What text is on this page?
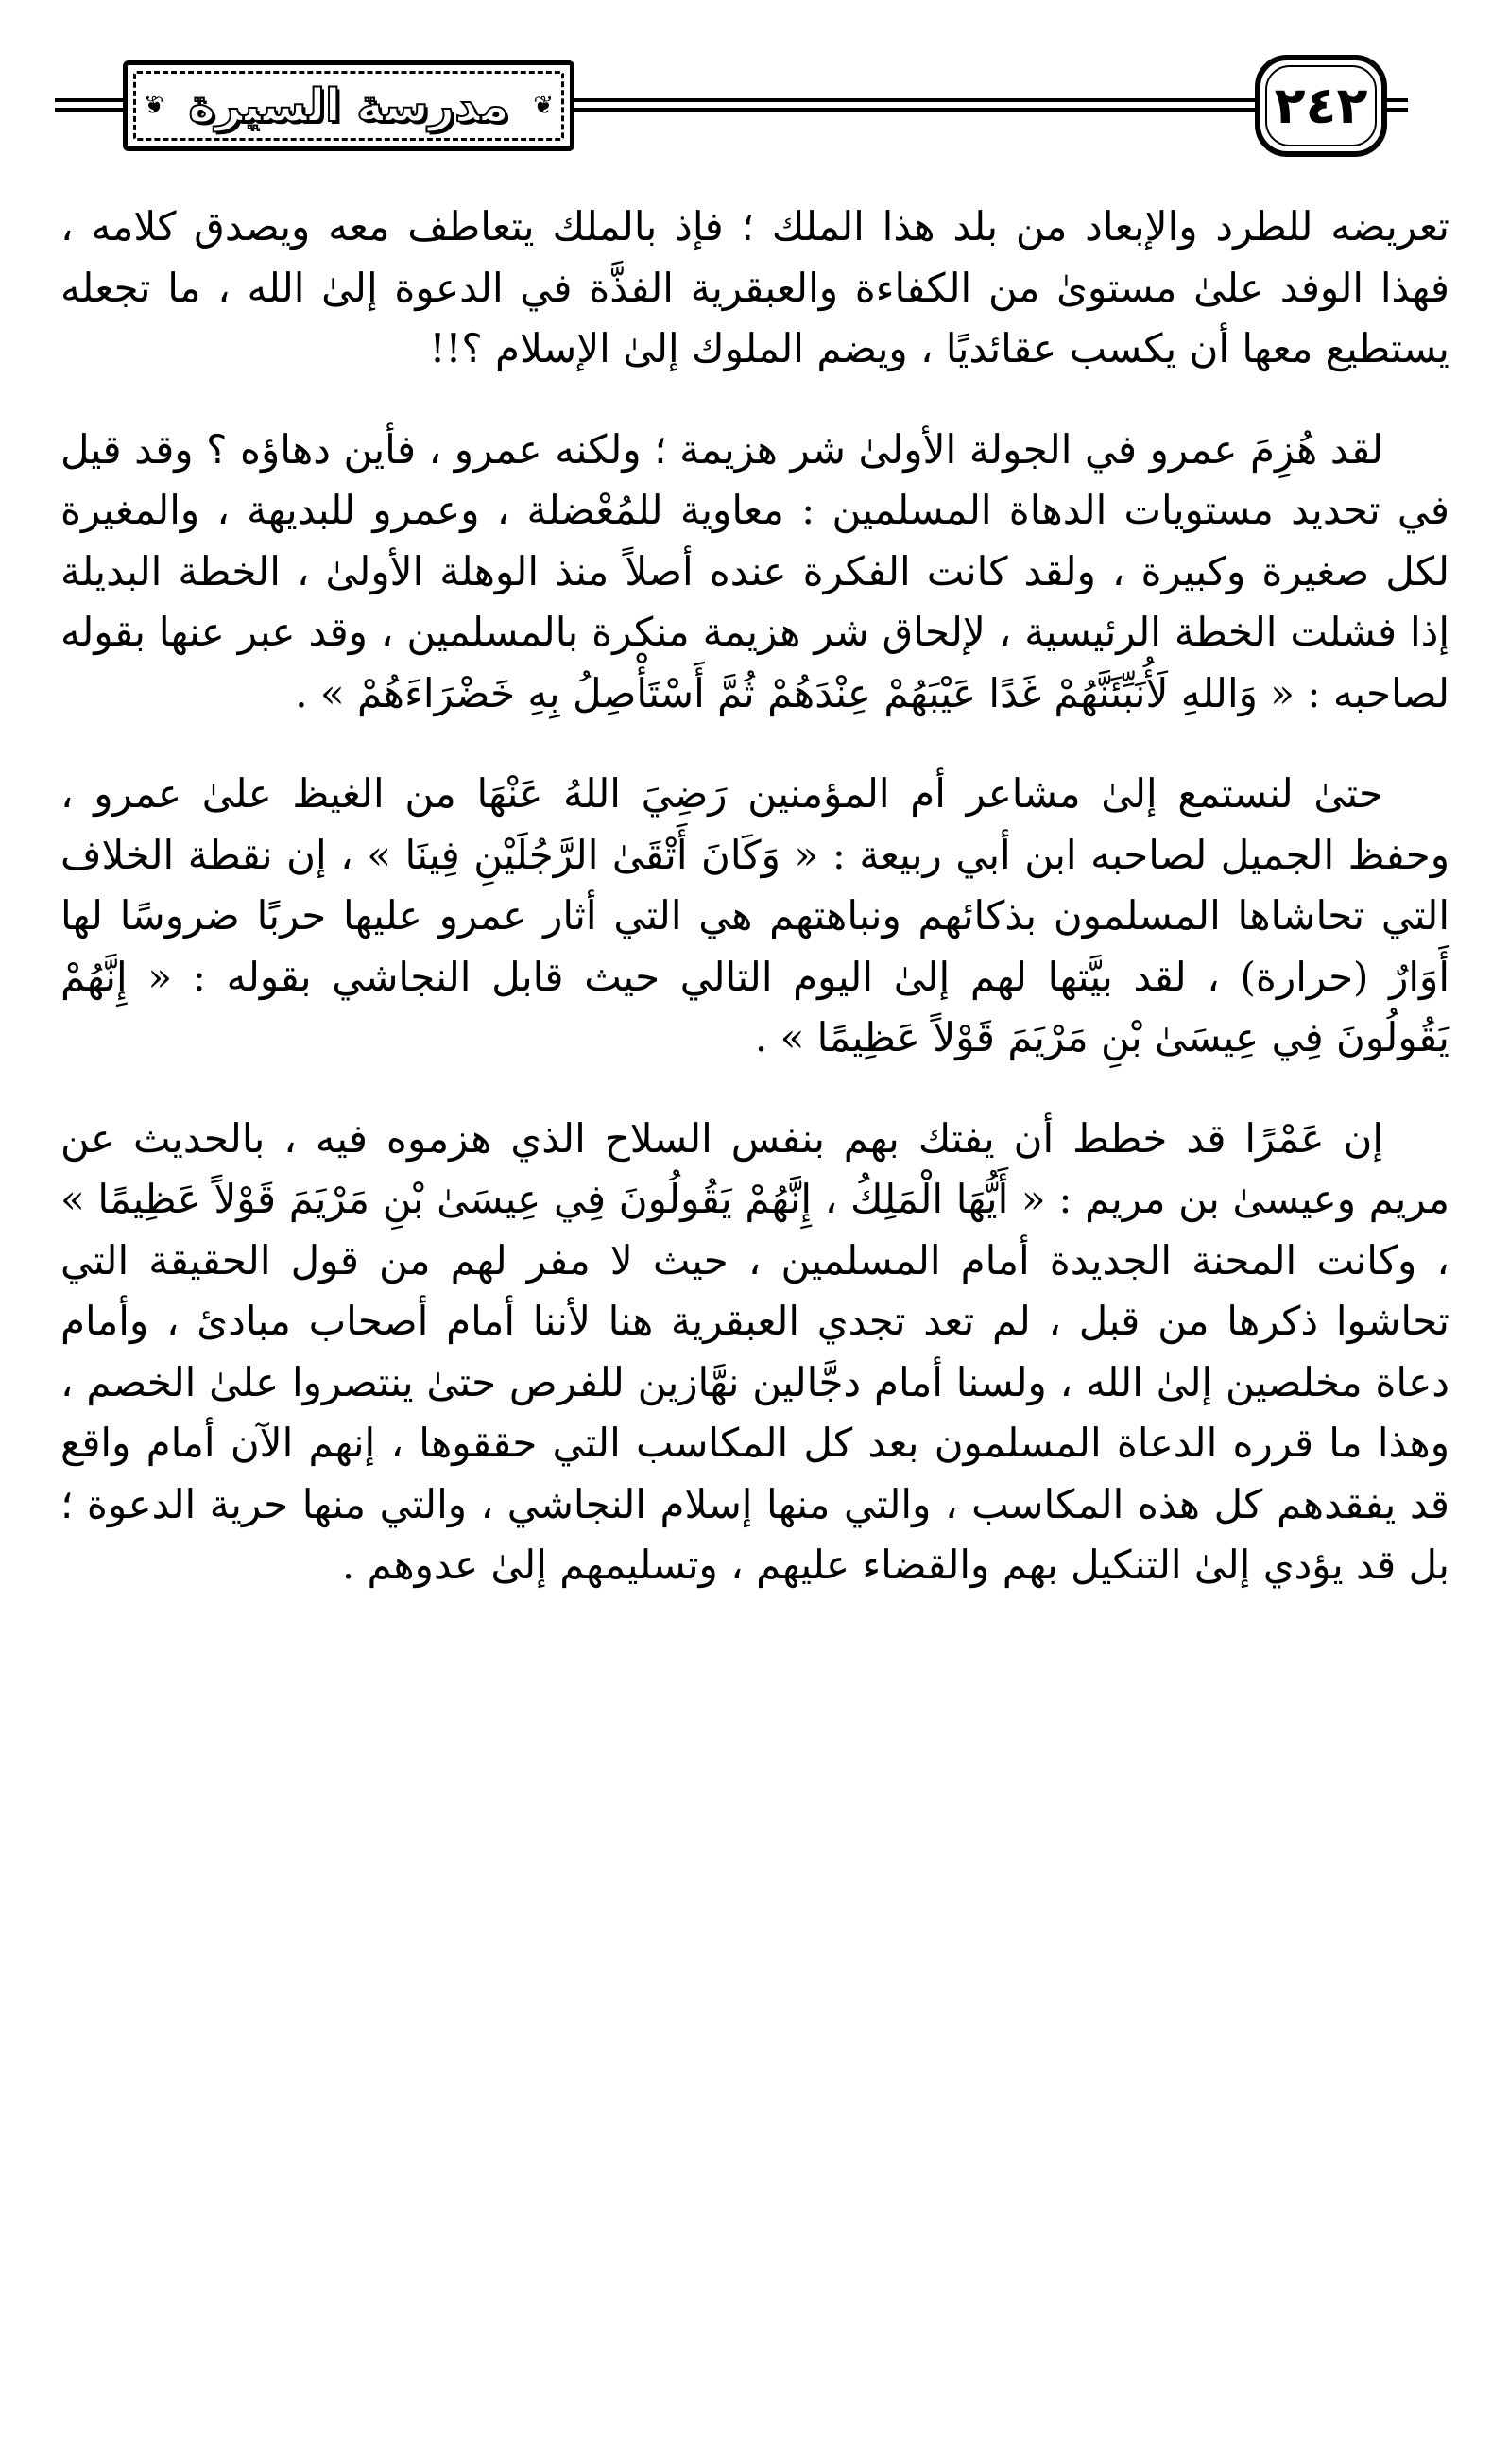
٢٤٢
❦ مدرسة السيرة
❦

تعريضه للطرد والإبعاد من بلد هذا الملك ؛ فإذ بالملك يتعاطف معه ويصدق كلامه ، فهذا الوفد علىٰ مستوىٰ من الكفاءة والعبقرية الفذَّة في الدعوة إلىٰ الله ، ما تجعله يستطيع معها أن يكسب عقائديًا ، ويضم الملوك إلىٰ الإسلام ؟!!

لقد هُزِمَ عمرو في الجولة الأولىٰ شر هزيمة ؛ ولكنه عمرو ، فأين دهاؤه ؟ وقد قيل في تحديد مستويات الدهاة المسلمين : معاوية للمُعْضلة ، وعمرو للبديهة ، والمغيرة لكل صغيرة وكبيرة ، ولقد كانت الفكرة عنده أصلاً منذ الوهلة الأولىٰ ، الخطة البديلة إذا فشلت الخطة الرئيسية ، لإلحاق شر هزيمة منكرة بالمسلمين ، وقد عبر عنها بقوله لصاحبه : « وَاللهِ لَأُنَبِّئَنَّهُمْ غَدًا عَيْبَهُمْ عِنْدَهُمْ ثُمَّ أَسْتَأْصِلُ بِهِ خَضْرَاءَهُمْ » .

حتىٰ لنستمع إلىٰ مشاعر أم المؤمنين رَضِيَ اللهُ عَنْهَا من الغيظ علىٰ عمرو ، وحفظ الجميل لصاحبه ابن أبي ربيعة : « وَكَانَ أَتْقَىٰ الرَّجُلَيْنِ فِينَا » ، إن نقطة الخلاف التي تحاشاها المسلمون بذكائهم ونباهتهم هي التي أثار عمرو عليها حربًا ضروسًا لها أَوَارٌ (حرارة) ، لقد بيَّتها لهم إلىٰ اليوم التالي حيث قابل النجاشي بقوله : « إِنَّهُمْ يَقُولُونَ فِي عِيسَىٰ بْنِ مَرْيَمَ قَوْلاً عَظِيمًا » .

إن عَمْرًا قد خطط أن يفتك بهم بنفس السلاح الذي هزموه فيه ، بالحديث عن مريم وعيسىٰ بن مريم : « أَيُّهَا الْمَلِكُ ، إِنَّهُمْ يَقُولُونَ فِي عِيسَىٰ بْنِ مَرْيَمَ قَوْلاً عَظِيمًا » ، وكانت المحنة الجديدة أمام المسلمين ، حيث لا مفر لهم من قول الحقيقة التي تحاشوا ذكرها من قبل ، لم تعد تجدي العبقرية هنا لأننا أمام أصحاب مبادئ ، وأمام دعاة مخلصين إلىٰ الله ، ولسنا أمام دجَّالين نهَّازين للفرص حتىٰ ينتصروا علىٰ الخصم ، وهذا ما قرره الدعاة المسلمون بعد كل المكاسب التي حققوها ، إنهم الآن أمام واقع قد يفقدهم كل هذه المكاسب ، والتي منها إسلام النجاشي ، والتي منها حرية الدعوة ؛ بل قد يؤدي إلىٰ التنكيل بهم والقضاء عليهم ، وتسليمهم إلىٰ عدوهم .
